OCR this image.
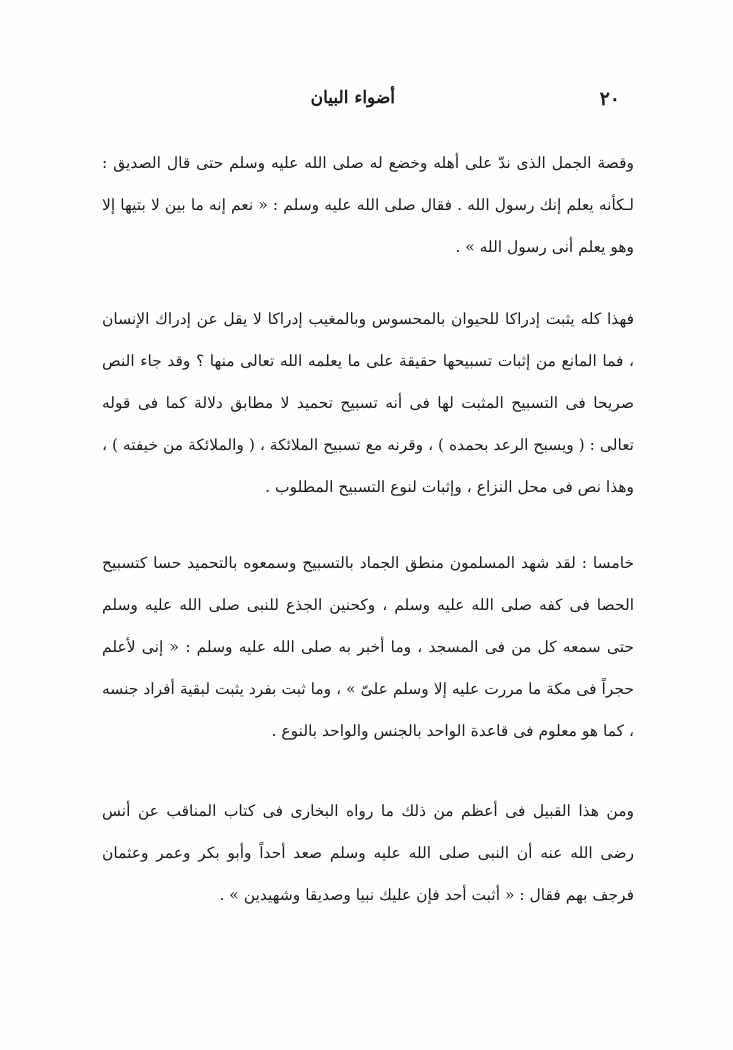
٢٠
أضواء البيان

وقصة الجمل الذى ندّ على أهله وخضع له صلى الله عليه وسلم حتى قال الصديق : لـكأنه يعلم إنك رسول الله . فقال صلى الله عليه وسلم : « نعم إنه ما بين لا بتيها إلا وهو يعلم أنى رسول الله » .

فهذا كله يثبت إدراكا للحيوان بالمحسوس وبالمغيب إدراكا لا يقل عن إدراك الإنسان ، فما المانع من إثبات تسبيحها حقيقة على ما يعلمه الله تعالى منها ؟ وقد جاء النص صريحا فى التسبيح المثبت لها فى أنه تسبيح تحميد لا مطابق دلالة كما فى قوله تعالى : ( ويسبح الرعد بحمده ) ، وقرنه مع تسبيح الملائكة ، ( والملائكة من خيفته ) ، وهذا نص فى محل النزاع ، وإثبات لنوع التسبيح المطلوب .

خامسا : لقد شهد المسلمون منطق الجماد بالتسبيح وسمعوه بالتحميد حسا كتسبيح الحصا فى كفه صلى الله عليه وسلم ، وكحنين الجذع للنبى صلى الله عليه وسلم حتى سمعه كل من فى المسجد ، وما أخبر به صلى الله عليه وسلم : « إنى لأعلم حجراً فى مكة ما مررت عليه إلا وسلم علىّ » ، وما ثبت بفرد يثبت لبقية أفراد جنسه ، كما هو معلوم فى قاعدة الواحد بالجنس والواحد بالنوع .

ومن هذا القبيل فى أعظم من ذلك ما رواه البخارى فى كتاب المناقب عن أنس رضى الله عنه أن النبى صلى الله عليه وسلم صعد أحداً وأبو بكر وعمر وعثمان فرجف بهم فقال : « أثبت أحد فإن عليك نبيا وصديقا وشهيدين » .
